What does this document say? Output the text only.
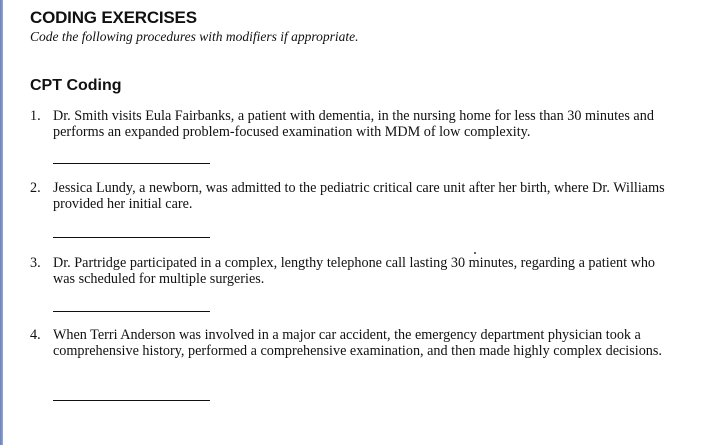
CODING EXERCISES

Code the following procedures with modifiers if appropriate.

CPT Coding
1. Dr. Smith visits Eula Fairbanks, a patient with dementia, in the nursing home for less than 30 minutes and performs an expanded problem-focused examination with MDM of low complexity.
2. Jessica Lundy, a newborn, was admitted to the pediatric critical care unit after her birth, where Dr. Williams provided her initial care.
3. Dr. Partridge participated in a complex, lengthy telephone call lasting 30 minutes, regarding a patient who was scheduled for multiple surgeries.
4. When Terri Anderson was involved in a major car accident, the emergency department physician took a comprehensive history, performed a comprehensive examination, and then made highly complex decisions.
